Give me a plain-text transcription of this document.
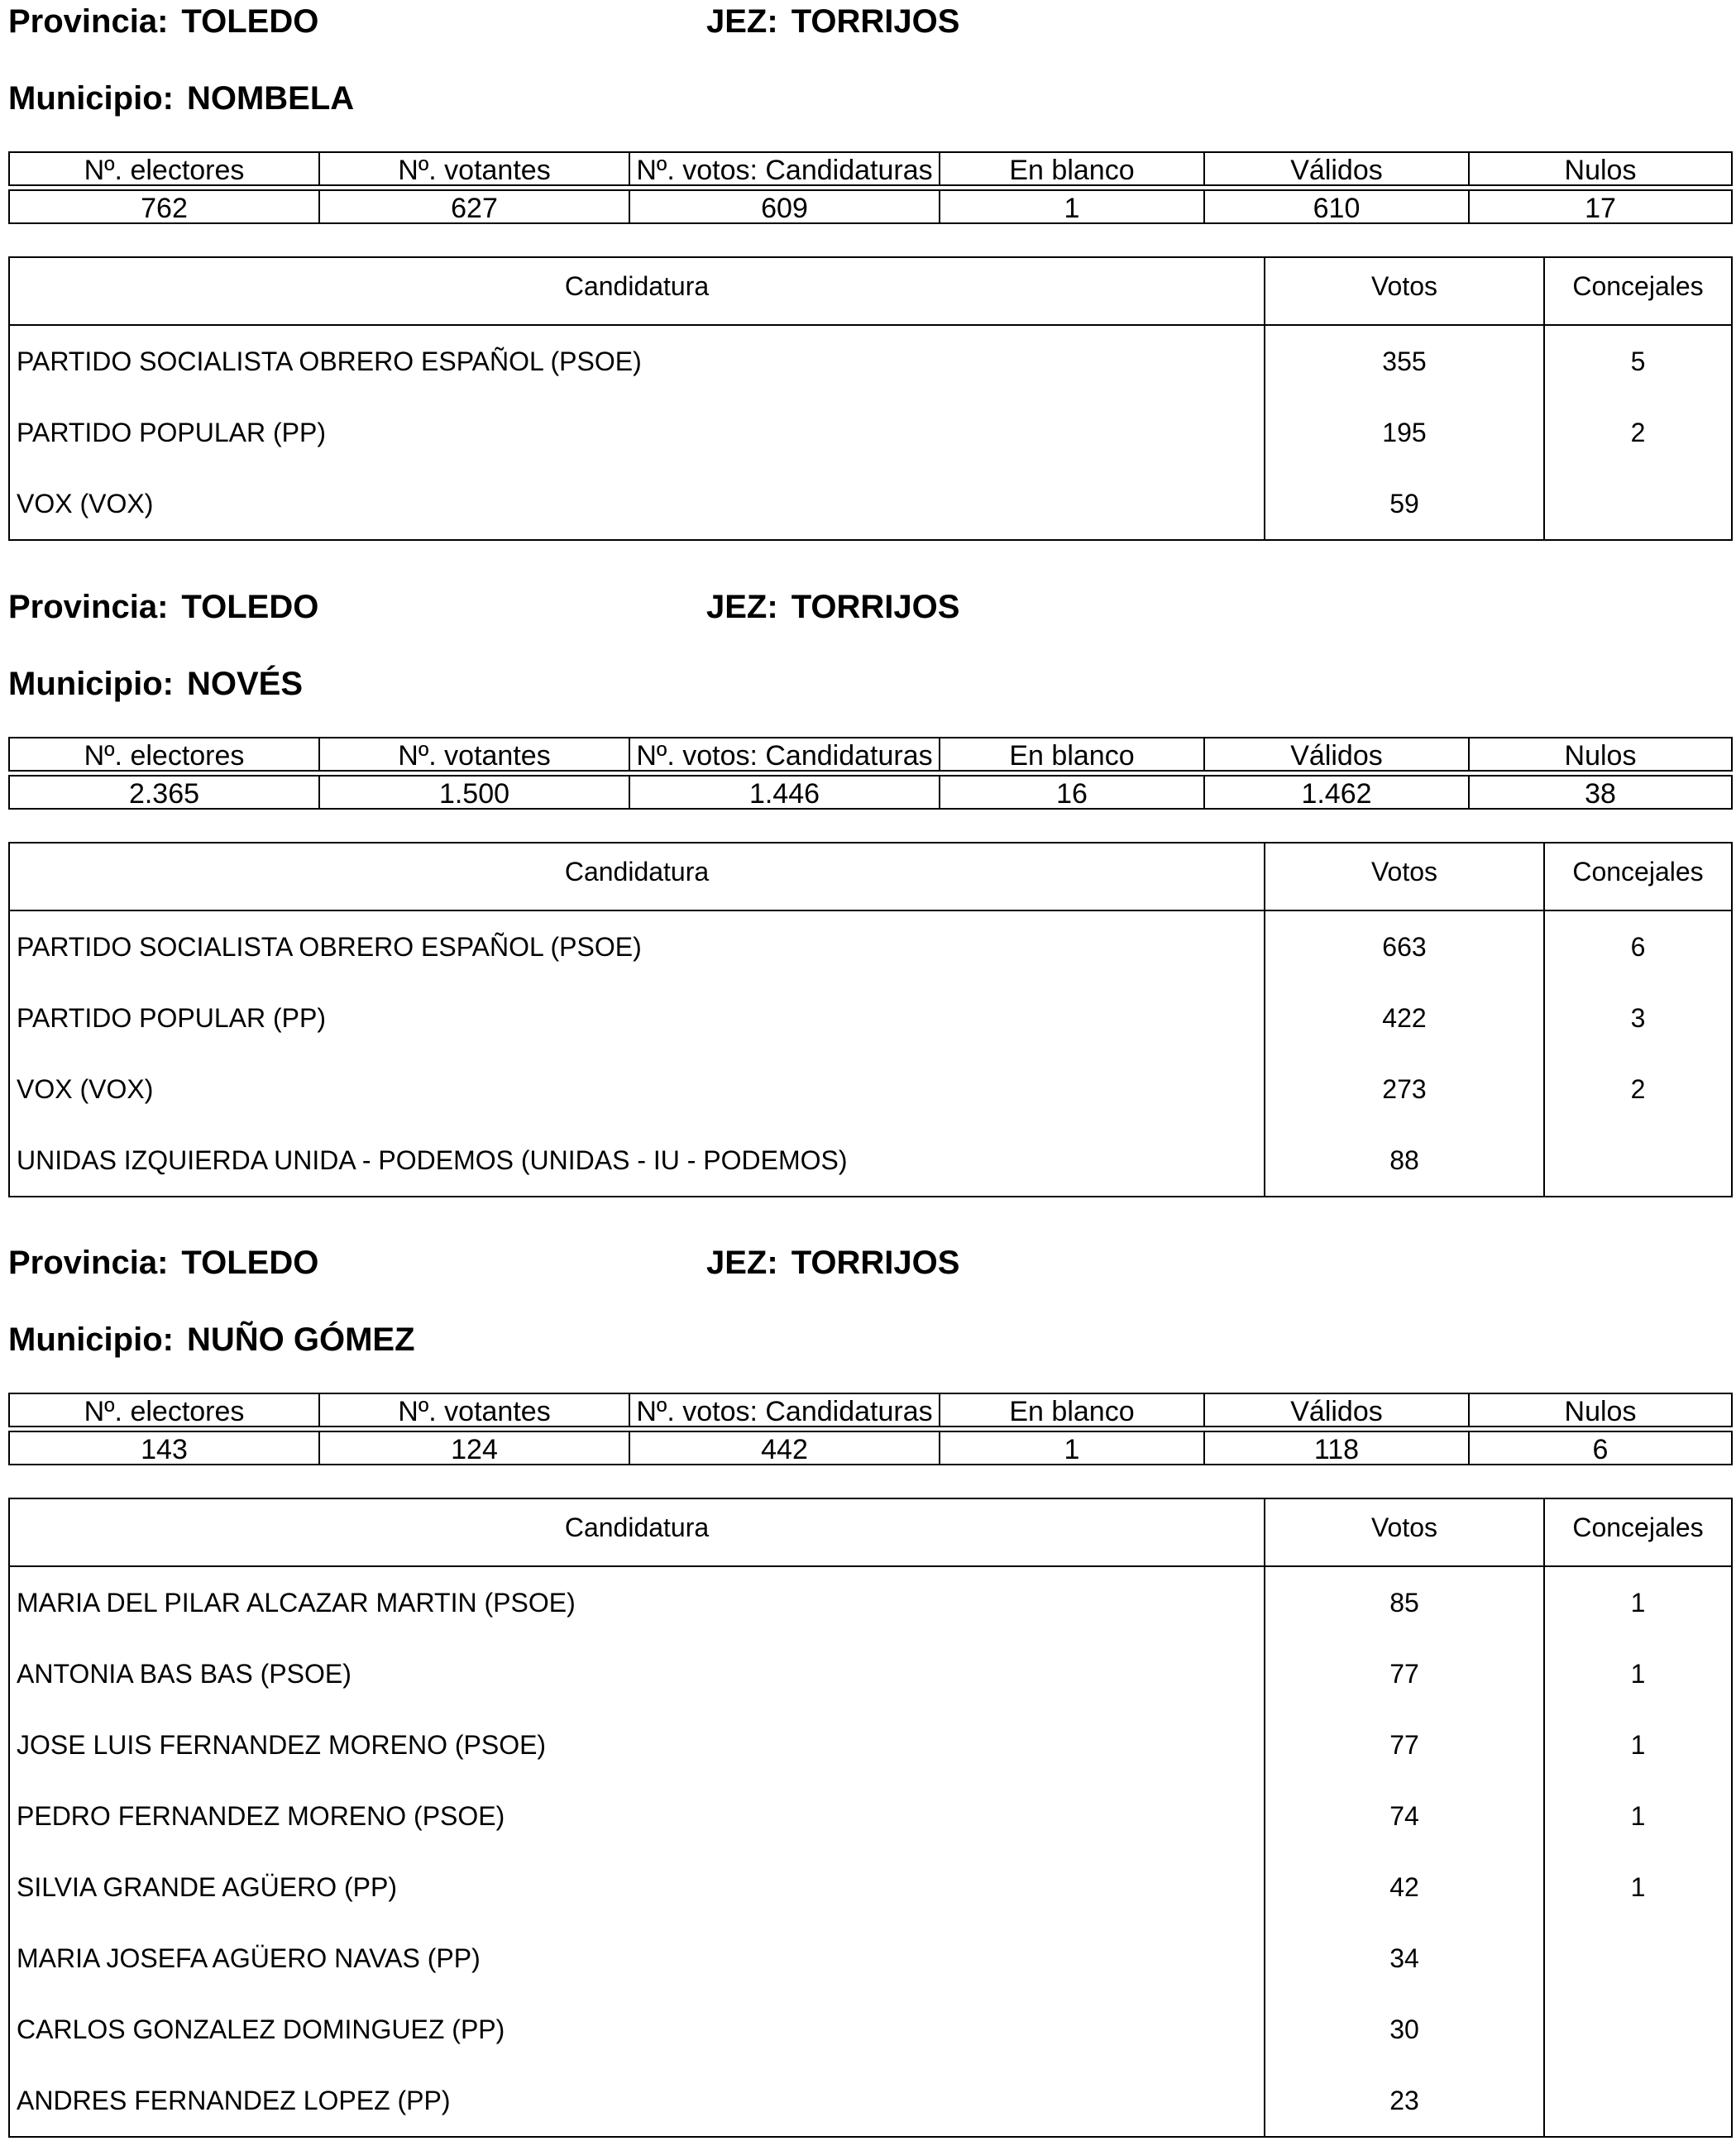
Provincia: TOLEDO	JEZ: TORRIJOS
Municipio: NOMBELA
Nº. electores	Nº. votantes	Nº. votos: Candidaturas	En blanco	Válidos	Nulos

762	627	609	1	610	17
Candidatura	Votos	Concejales
PARTIDO SOCIALISTA OBRERO ESPAÑOL (PSOE)	355	5
PARTIDO POPULAR (PP)	195	2
VOX (VOX)	59	
Provincia: TOLEDO	JEZ: TORRIJOS
Municipio: NOVÉS
Nº. electores	Nº. votantes	Nº. votos: Candidaturas	En blanco	Válidos	Nulos

2.365	1.500	1.446	16	1.462	38
Candidatura	Votos	Concejales
PARTIDO SOCIALISTA OBRERO ESPAÑOL (PSOE)	663	6
PARTIDO POPULAR (PP)	422	3
VOX (VOX)	273	2
UNIDAS IZQUIERDA UNIDA - PODEMOS (UNIDAS - IU - PODEMOS)	88	
Provincia: TOLEDO	JEZ: TORRIJOS
Municipio: NUÑO GÓMEZ
Nº. electores	Nº. votantes	Nº. votos: Candidaturas	En blanco	Válidos	Nulos

143	124	442	1	118	6
Candidatura	Votos	Concejales
MARIA DEL PILAR ALCAZAR MARTIN (PSOE)	85	1
ANTONIA BAS BAS (PSOE)	77	1
JOSE LUIS FERNANDEZ MORENO (PSOE)	77	1
PEDRO FERNANDEZ MORENO (PSOE)	74	1
SILVIA GRANDE AGÜERO (PP)	42	1
MARIA JOSEFA AGÜERO NAVAS (PP)	34	
CARLOS GONZALEZ DOMINGUEZ (PP)	30	
ANDRES FERNANDEZ LOPEZ (PP)	23	
